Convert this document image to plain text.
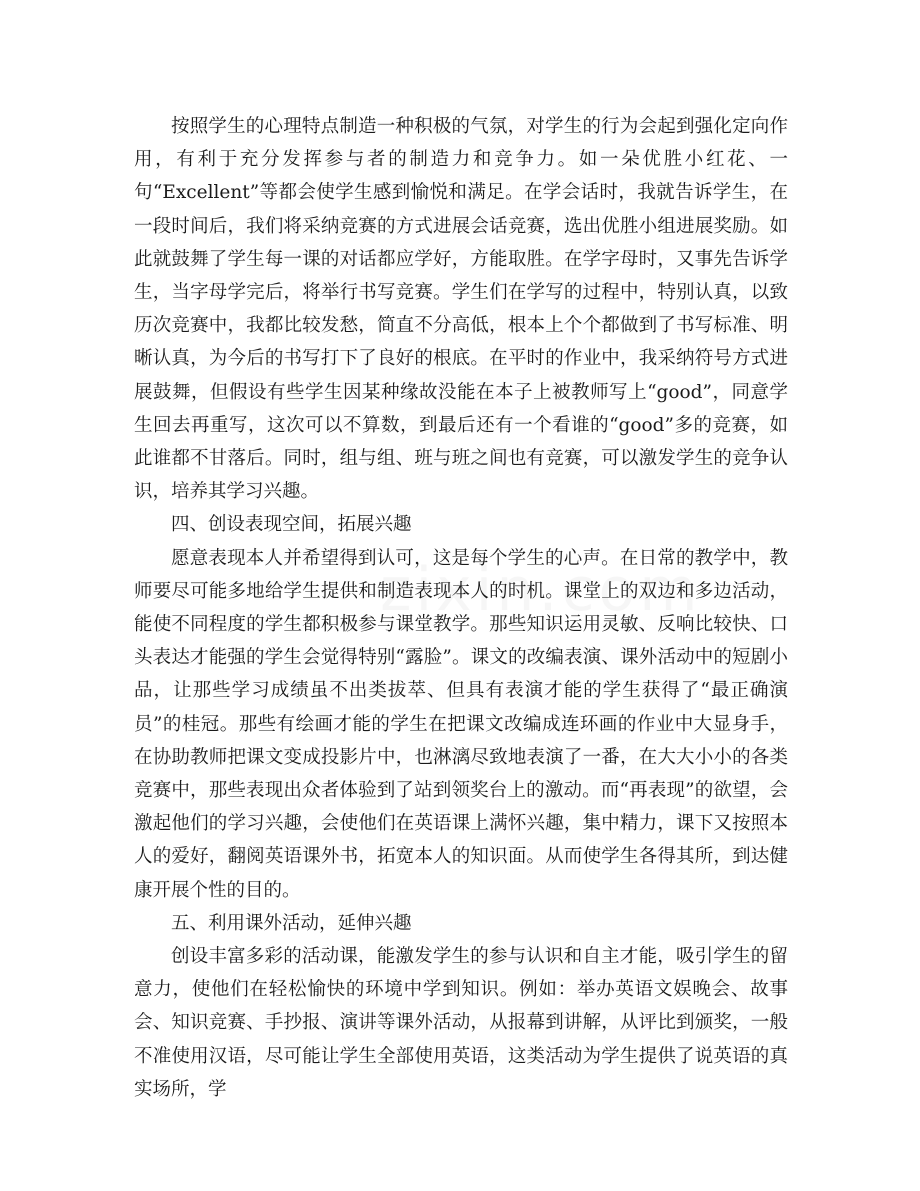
按照学生的心理特点制造一种积极的气氛，对学生的行为会起到强化定向作用，有利于充分发挥参与者的制造力和竞争力。如一朵优胜小红花、一句“Excellent”等都会使学生感到愉悦和满足。在学会话时，我就告诉学生，在一段时间后，我们将采纳竞赛的方式进展会话竞赛，选出优胜小组进展奖励。如此就鼓舞了学生每一课的对话都应学好，方能取胜。在学字母时，又事先告诉学生，当字母学完后，将举行书写竞赛。学生们在学写的过程中，特别认真，以致历次竞赛中，我都比较发愁，简直不分高低，根本上个个都做到了书写标准、明晰认真，为今后的书写打下了良好的根底。在平时的作业中，我采纳符号方式进展鼓舞，但假设有些学生因某种缘故没能在本子上被教师写上“good”，同意学生回去再重写，这次可以不算数，到最后还有一个看谁的“good”多的竞赛，如此谁都不甘落后。同时，组与组、班与班之间也有竞赛，可以激发学生的竞争认识，培养其学习兴趣。

四、创设表现空间，拓展兴趣

愿意表现本人并希望得到认可，这是每个学生的心声。在日常的教学中，教师要尽可能多地给学生提供和制造表现本人的时机。课堂上的双边和多边活动，能使不同程度的学生都积极参与课堂教学。那些知识运用灵敏、反响比较快、口头表达才能强的学生会觉得特别“露脸”。课文的改编表演、课外活动中的短剧小品，让那些学习成绩虽不出类拔萃、但具有表演才能的学生获得了“最正确演员”的桂冠。那些有绘画才能的学生在把课文改编成连环画的作业中大显身手，在协助教师把课文变成投影片中，也淋漓尽致地表演了一番，在大大小小的各类竞赛中，那些表现出众者体验到了站到领奖台上的激动。而“再表现”的欲望，会激起他们的学习兴趣，会使他们在英语课上满怀兴趣，集中精力，课下又按照本人的爱好，翻阅英语课外书，拓宽本人的知识面。从而使学生各得其所，到达健康开展个性的目的。

五、利用课外活动，延伸兴趣

创设丰富多彩的活动课，能激发学生的参与认识和自主才能，吸引学生的留意力，使他们在轻松愉快的环境中学到知识。例如：举办英语文娱晚会、故事会、知识竞赛、手抄报、演讲等课外活动，从报幕到讲解，从评比到颁奖，一般不准使用汉语，尽可能让学生全部使用英语，这类活动为学生提供了说英语的真实场所，学
